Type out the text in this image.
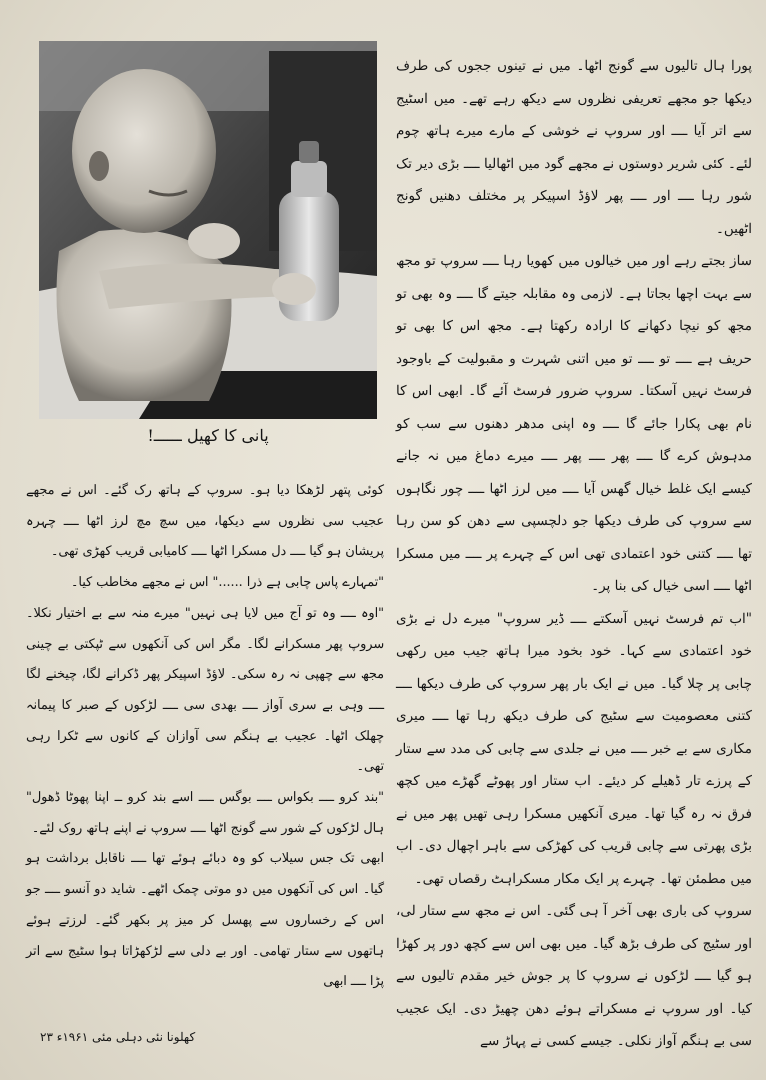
پانی کا کھیل ــــــ!

پورا ہال تالیوں سے گونج اٹھا۔ میں نے تینوں ججوں کی طرف دیکھا جو مجھے تعریفی نظروں سے دیکھ رہے تھے۔ میں اسٹیج سے اتر آیا ــــ اور سروپ نے خوشی کے مارے میرے ہاتھ چوم لئے۔ کئی شریر دوستوں نے مجھے گود میں اٹھالیا ــــ بڑی دیر تک شور رہا ــــ اور ــــ پھر لاؤڈ اسپیکر پر مختلف دھنیں گونج اٹھیں۔

ساز بجتے رہے اور میں خیالوں میں کھویا رہا ــــ سروپ تو مجھ سے بہت اچھا بجاتا ہے۔ لازمی وہ مقابلہ جیتے گا ــــ وہ بھی تو مجھ کو نیچا دکھانے کا ارادہ رکھتا ہے۔ مجھ اس کا بھی تو حریف ہے ــــ تو ــــ تو میں اتنی شہرت و مقبولیت کے باوجود فرسٹ نہیں آسکتا۔ سروپ ضرور فرسٹ آئے گا۔ ابھی اس کا نام بھی پکارا جائے گا ــــ وہ اپنی مدھر دھنوں سے سب کو مدہوش کرے گا ــــ پھر ــــ پھر ــــ میرے دماغ میں نہ جانے کیسے ایک غلط خیال گھس آیا ــــ میں لرز اٹھا ــــ چور نگاہوں سے سروپ کی طرف دیکھا جو دلچسپی سے دھن کو سن رہا تھا ــــ کتنی خود اعتمادی تھی اس کے چہرے پر ــــ میں مسکرا اٹھا ــــ اسی خیال کی بنا پر۔

"اب تم فرسٹ نہیں آسکتے ــــ ڈیر سروپ" میرے دل نے بڑی خود اعتمادی سے کہا۔ خود بخود میرا ہاتھ جیب میں رکھی چابی پر چلا گیا۔ میں نے ایک بار پھر سروپ کی طرف دیکھا ــــ کتنی معصومیت سے سٹیج کی طرف دیکھ رہا تھا ــــ میری مکاری سے بے خبر ــــ میں نے جلدی سے چابی کی مدد سے ستار کے پرزے تار ڈھیلے کر دیئے۔ اب ستار اور پھوٹے گھڑے میں کچھ فرق نہ رہ گیا تھا۔ میری آنکھیں مسکرا رہی تھیں پھر میں نے بڑی پھرتی سے چابی قریب کی کھڑکی سے باہر اچھال دی۔ اب میں مطمئن تھا۔ چہرے پر ایک مکار مسکراہٹ رقصاں تھی۔

سروپ کی باری بھی آخر آ ہی گئی۔ اس نے مجھ سے ستار لی، اور سٹیج کی طرف بڑھ گیا۔ میں بھی اس سے کچھ دور پر کھڑا ہو گیا ــــ لڑکوں نے سروپ کا پر جوش خیر مقدم تالیوں سے کیا۔ اور سروپ نے مسکراتے ہوئے دھن چھیڑ دی۔ ایک عجیب سی بے ہنگم آواز نکلی۔ جیسے کسی نے پہاڑ سے

کوئی پتھر لڑھکا دیا ہو۔ سروپ کے ہاتھ رک گئے۔ اس نے مجھے عجیب سی نظروں سے دیکھا، میں سچ مچ لرز اٹھا ــــ چہرہ پریشان ہو گیا ــــ دل مسکرا اٹھا ــــ کامیابی قریب کھڑی تھی۔

"تمہارے پاس چابی ہے ذرا ......" اس نے مجھے مخاطب کیا۔

"اوہ ــــ وہ تو آج میں لایا ہی نہیں" میرے منہ سے بے اختیار نکلا۔ سروپ پھر مسکرانے لگا۔ مگر اس کی آنکھوں سے ٹپکتی بے چینی مجھ سے چھپی نہ رہ سکی۔ لاؤڈ اسپیکر پھر ڈکرانے لگا، چیخنے لگا ــــ وہی بے سری آواز ــــ بھدی سی ــــ لڑکوں کے صبر کا پیمانہ چھلک اٹھا۔ عجیب بے ہنگم سی آوازان کے کانوں سے ٹکرا رہی تھی۔

"بند کرو ــــ بکواس ــــ بوگس ــــ اسے بند کرو ــ اپنا پھوٹا ڈھول" ہال لڑکوں کے شور سے گونج اٹھا ــــ سروپ نے اپنے ہاتھ روک لئے۔

ابھی تک جس سیلاب کو وہ دبائے ہوئے تھا ــــ ناقابل برداشت ہو گیا۔ اس کی آنکھوں میں دو موتی چمک اٹھے۔ شاید دو آنسو ــــ جو اس کے رخساروں سے پھسل کر میز پر بکھر گئے۔ لرزتے ہوئے ہاتھوں سے ستار تھامی۔ اور بے دلی سے لڑکھڑاتا ہوا سٹیج سے اتر پڑا ــــ ابھی

کھلونا نئی دہلی مئی ۱۹۶۱ء ۲۳
